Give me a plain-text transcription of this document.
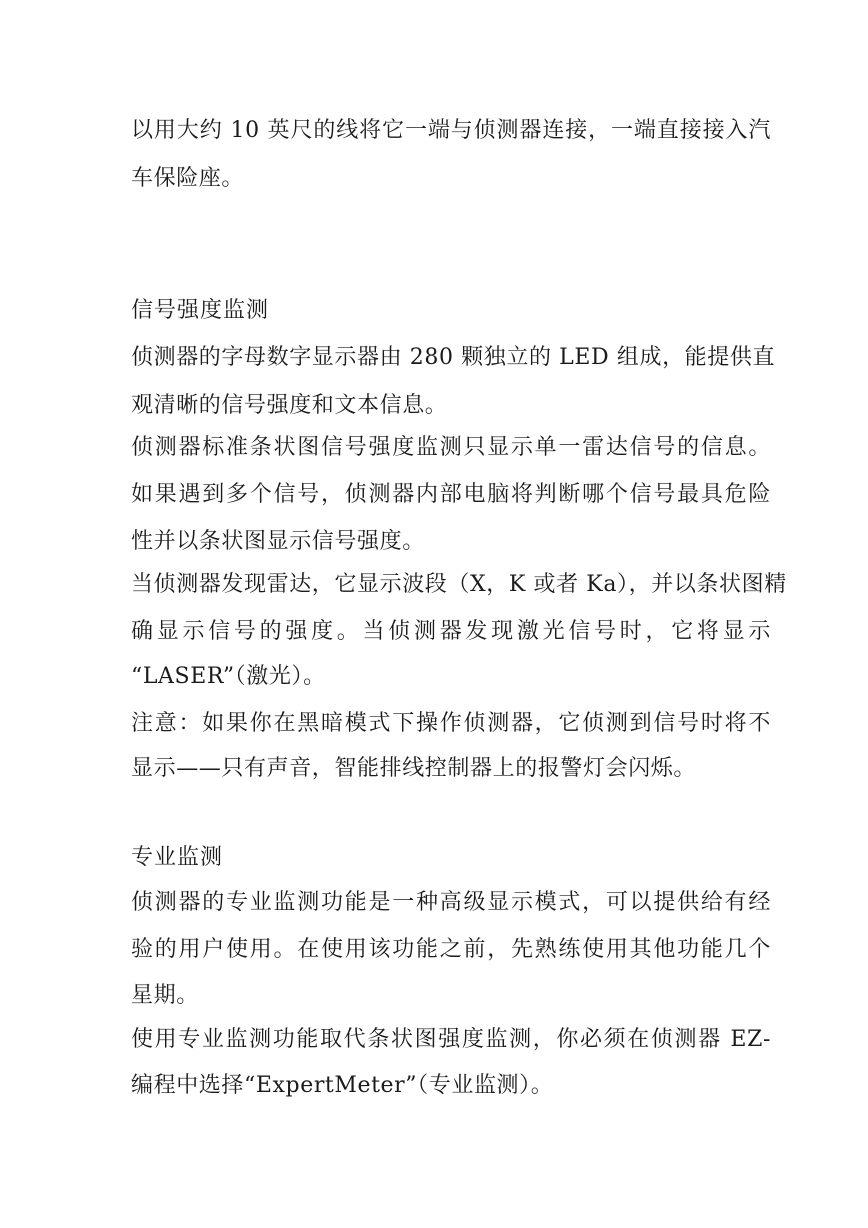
以用大约 10 英尺的线将它一端与侦测器连接，一端直接接入汽
车保险座。
信号强度监测
侦测器的字母数字显示器由 280 颗独立的 LED 组成，能提供直
观清晰的信号强度和文本信息。
侦测器标准条状图信号强度监测只显示单一雷达信号的信息。
如果遇到多个信号，侦测器内部电脑将判断哪个信号最具危险
性并以条状图显示信号强度。
当侦测器发现雷达，它显示波段（X，K 或者 Ka），并以条状图精
确显示信号的强度。当侦测器发现激光信号时，它将显示
“LASER”（激光）。
注意：如果你在黑暗模式下操作侦测器，它侦测到信号时将不
显示——只有声音，智能排线控制器上的报警灯会闪烁。
专业监测
侦测器的专业监测功能是一种高级显示模式，可以提供给有经
验的用户使用。在使用该功能之前，先熟练使用其他功能几个
星期。
使用专业监测功能取代条状图强度监测，你必须在侦测器 EZ-
编程中选择“ExpertMeter”（专业监测）。
